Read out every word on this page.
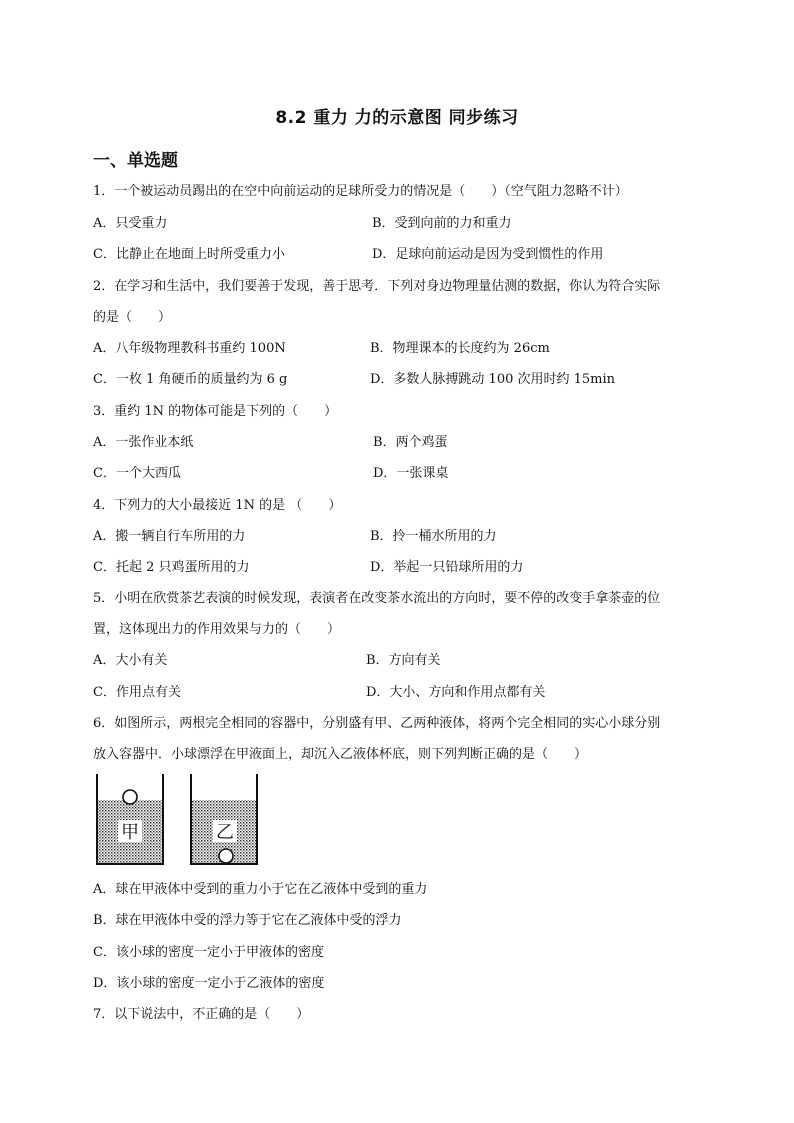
8.2 重力 力的示意图 同步练习
一、单选题
1．一个被运动员踢出的在空中向前运动的足球所受力的情况是（　　）（空气阻力忽略不计）
A．只受重力	B．受到向前的力和重力
C．比静止在地面上时所受重力小	D．足球向前运动是因为受到惯性的作用
2．在学习和生活中，我们要善于发现，善于思考．下列对身边物理量估测的数据，你认为符合实际
的是（　　）
A．八年级物理教科书重约 100N	B．物理课本的长度约为 26cm
C．一枚 1 角硬币的质量约为 6 g	D．多数人脉搏跳动 100 次用时约 15min
3．重约 1N 的物体可能是下列的（　　）
A．一张作业本纸	B．两个鸡蛋
C．一个大西瓜	D．一张课桌
4．下列力的大小最接近 1N 的是 （　　）
A．搬一辆自行车所用的力	B．拎一桶水所用的力
C．托起 2 只鸡蛋所用的力	D．举起一只铅球所用的力
5．小明在欣赏茶艺表演的时候发现，表演者在改变茶水流出的方向时，要不停的改变手拿茶壶的位
置，这体现出力的作用效果与力的（　　）
A．大小有关	B．方向有关
C．作用点有关	D．大小、方向和作用点都有关
6．如图所示，两根完全相同的容器中，分别盛有甲、乙两种液体，将两个完全相同的实心小球分别
放入容器中．小球漂浮在甲液面上，却沉入乙液体杯底，则下列判断正确的是（　　）
甲	乙
A．球在甲液体中受到的重力小于它在乙液体中受到的重力
B．球在甲液体中受的浮力等于它在乙液体中受的浮力
C．该小球的密度一定小于甲液体的密度
D．该小球的密度一定小于乙液体的密度
7．以下说法中，不正确的是（　　）
